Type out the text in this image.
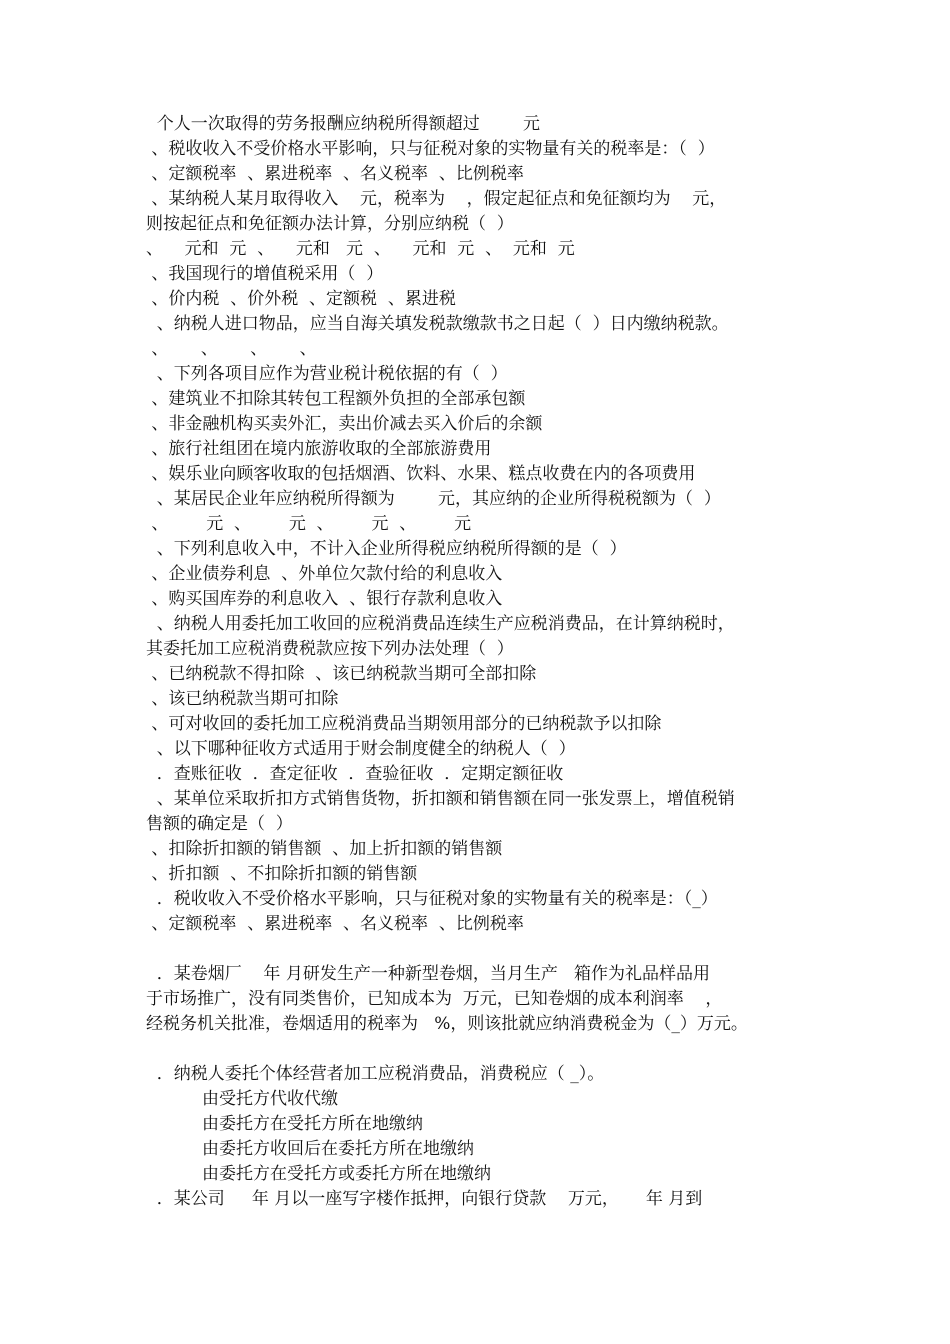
个人一次取得的劳务报酬应纳税所得额超过        元
、税收收入不受价格水平影响，只与征税对象的实物量有关的税率是：（  ）
、定额税率  、累进税率  、名义税率  、比例税率
、某纳税人某月取得收入    元，税率为    ，假定起征点和免征额均为    元，
则按起征点和免征额办法计算，分别应纳税（  ）
、    元和  元  、    元和   元  、    元和  元  、  元和  元
、我国现行的增值税采用（  ）
、价内税  、价外税  、定额税  、累进税
、纳税人进口物品，应当自海关填发税款缴款书之日起（  ）日内缴纳税款。
、      、      、      、
、下列各项目应作为营业税计税依据的有（  ）
、建筑业不扣除其转包工程额外负担的全部承包额
、非金融机构买卖外汇，卖出价减去买入价后的余额
、旅行社组团在境内旅游收取的全部旅游费用
、娱乐业向顾客收取的包括烟酒、饮料、水果、糕点收费在内的各项费用
、某居民企业年应纳税所得额为        元，其应纳的企业所得税税额为（  ）
、       元  、       元  、       元  、       元
、下列利息收入中，不计入企业所得税应纳税所得额的是（  ）
、企业债券利息  、外单位欠款付给的利息收入
、购买国库券的利息收入  、银行存款利息收入
、纳税人用委托加工收回的应税消费品连续生产应税消费品，在计算纳税时，
其委托加工应税消费税款应按下列办法处理（  ）
、已纳税款不得扣除  、该已纳税款当期可全部扣除
、该已纳税款当期可扣除
、可对收回的委托加工应税消费品当期领用部分的已纳税款予以扣除
、以下哪种征收方式适用于财会制度健全的纳税人（  ）
．查账征收  ．查定征收  ．查验征收  ．定期定额征收
、某单位采取折扣方式销售货物，折扣额和销售额在同一张发票上，增值税销
售额的确定是（  ）
、扣除折扣额的销售额  、加上折扣额的销售额
、折扣额  、不扣除折扣额的销售额
．税收收入不受价格水平影响，只与征税对象的实物量有关的税率是：（_）
、定额税率  、累进税率  、名义税率  、比例税率
．某卷烟厂    年 月研发生产一种新型卷烟，当月生产   箱作为礼品样品用
于市场推广，没有同类售价，已知成本为  万元，已知卷烟的成本利润率    ，
经税务机关批准，卷烟适用的税率为   %，则该批就应纳消费税金为（_）万元。
．纳税人委托个体经营者加工应税消费品，消费税应（ _）。
由受托方代收代缴
由委托方在受托方所在地缴纳
由委托方收回后在委托方所在地缴纳
由委托方在受托方或委托方所在地缴纳
．某公司     年 月以一座写字楼作抵押，向银行贷款    万元，     年 月到
